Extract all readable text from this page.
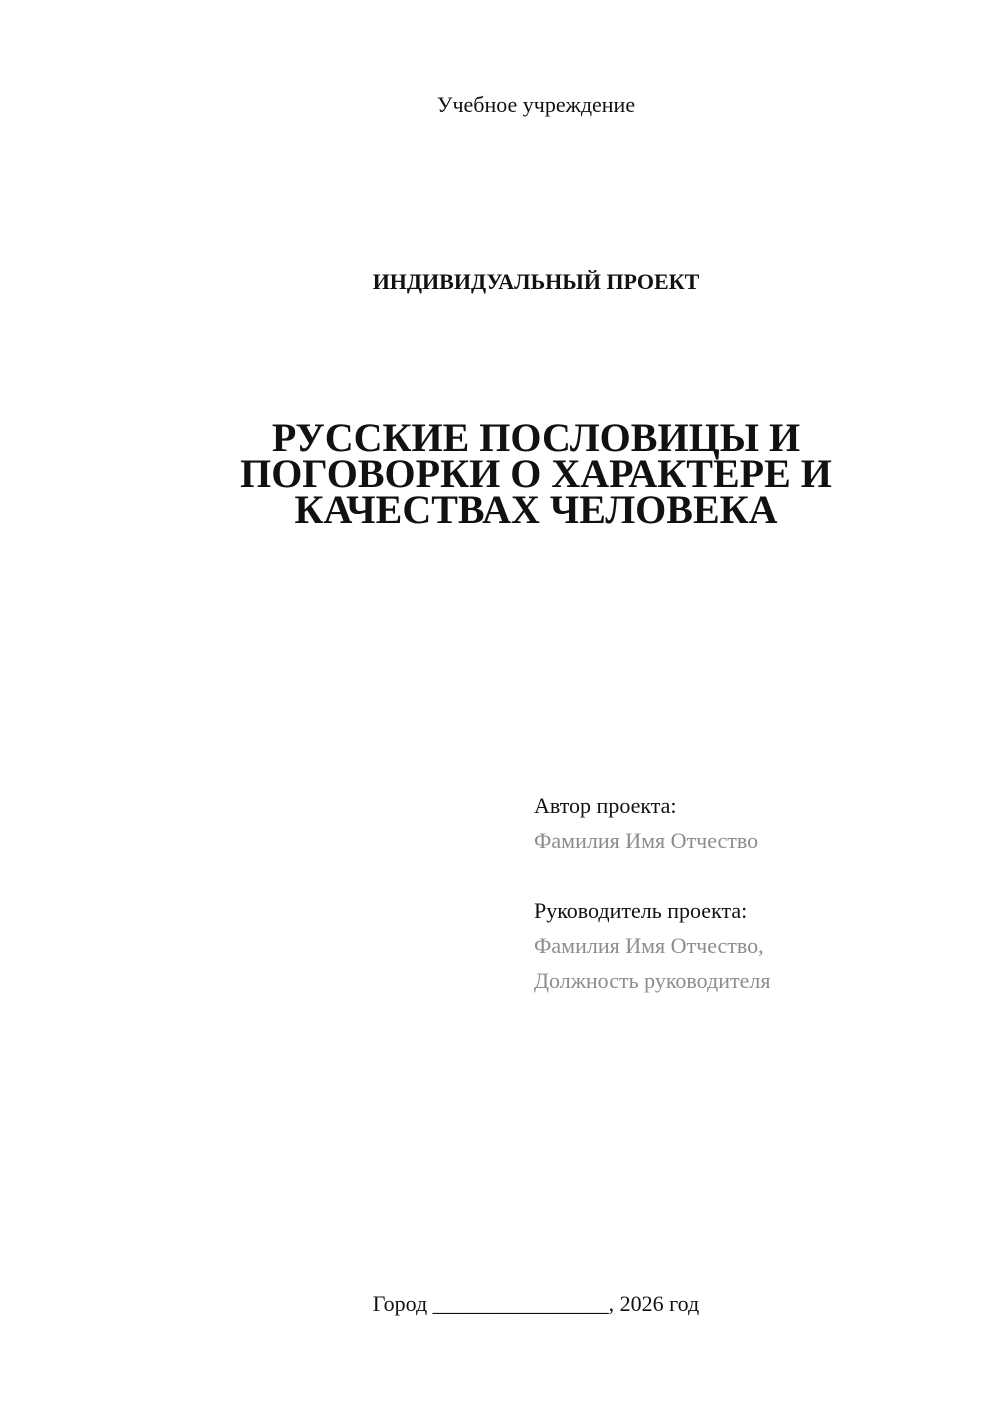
Учебное учреждение
ИНДИВИДУАЛЬНЫЙ ПРОЕКТ
РУССКИЕ ПОСЛОВИЦЫ И
ПОГОВОРКИ О ХАРАКТЕРЕ И
КАЧЕСТВАХ ЧЕЛОВЕКА
Автор проекта:
Фамилия Имя Отчество
Руководитель проекта:
Фамилия Имя Отчество,
Должность руководителя
Город ________________, 2026 год
